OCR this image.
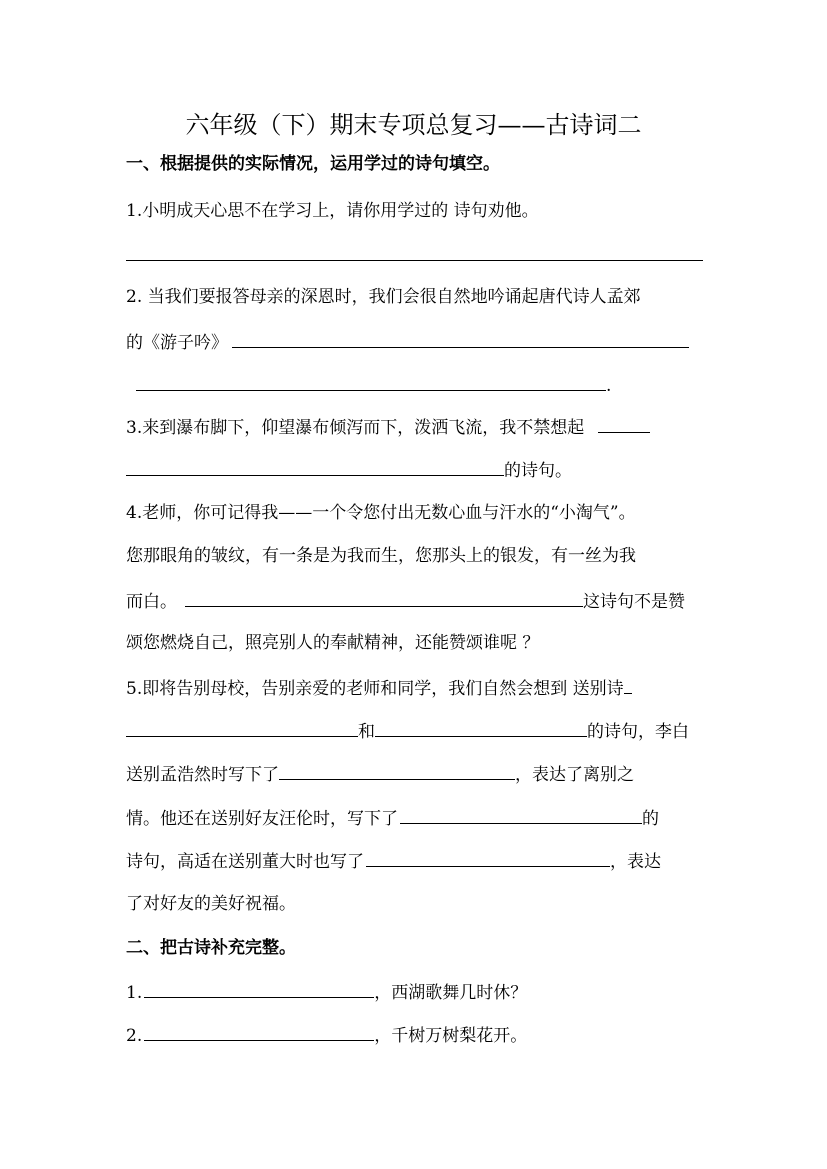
六年级（下）期末专项总复习——古诗词二
一、根据提供的实际情况，运用学过的诗句填空。
1.小明成天心思不在学习上，请你用学过的 诗句劝他。
2. 当我们要报答母亲的深恩时，我们会很自然地吟诵起唐代诗人孟郊
的《游子吟》
.
3.来到瀑布脚下，仰望瀑布倾泻而下，泼洒飞流，我不禁想起
的诗句。
4.老师，你可记得我——一个令您付出无数心血与汗水的“小淘气”。
您那眼角的皱纹，有一条是为我而生，您那头上的银发，有一丝为我
而白。	这诗句不是赞
颂您燃烧自己，照亮别人的奉献精神，还能赞颂谁呢 ？
5.即将告别母校，告别亲爱的老师和同学，我们自然会想到 送别诗
和	的诗句，李白
送别孟浩然时写下了	，表达了离别之
情。他还在送别好友汪伦时，写下了	的
诗句，高适在送别董大时也写了	，表达
了对好友的美好祝福。
二、把古诗补充完整。
1.	，西湖歌舞几时休？
2.	，千树万树梨花开。
